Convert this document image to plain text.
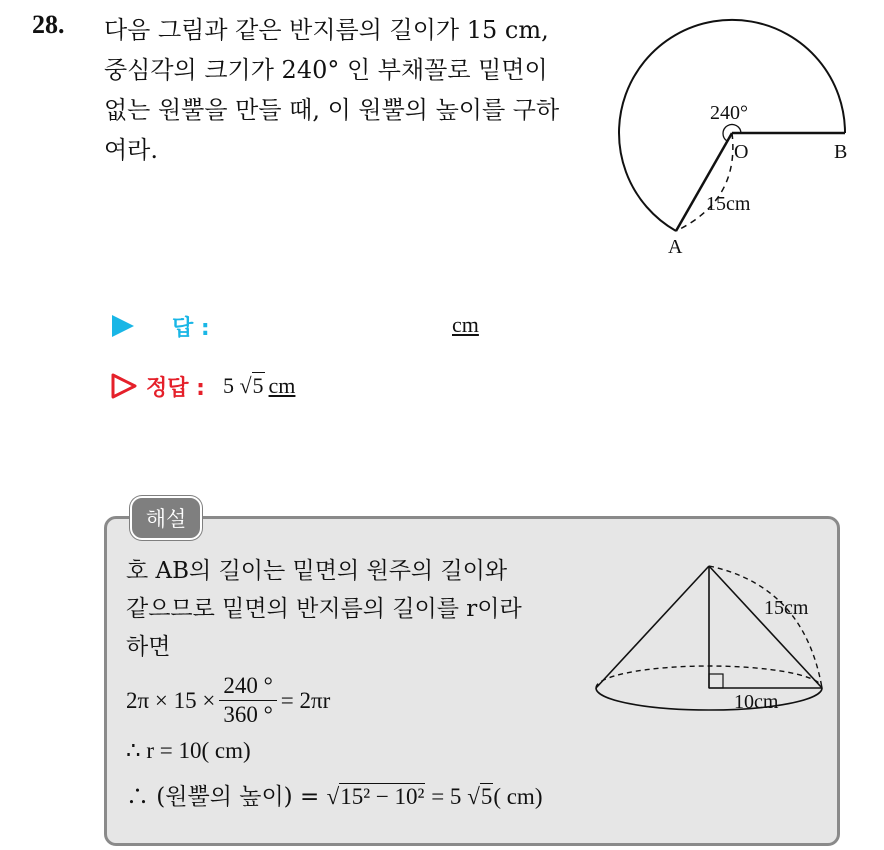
28. 다음 그림과 같은 반지름의 길이가 15 cm,
중심각의 크기가 240° 인 부채꼴로 밑면이
없는 원뿔을 만들 때, 이 원뿔의 높이를 구하
여라.
240°
O	B
A
15cm
답 :	cm
정답 : 5 √5 cm
해설
호 AB의 길이는 밑면의 원주의 길이와
같으므로 밑면의 반지름의 길이를 r이라
하면
$2\pi \times 15 \times \frac{240 ^\circ}{360 ^\circ} = 2\pi r$
∴ r = 10( cm)
∴ (원뿔의 높이) = √15² − 10² = 5 √5( cm)
15cm
10cm
